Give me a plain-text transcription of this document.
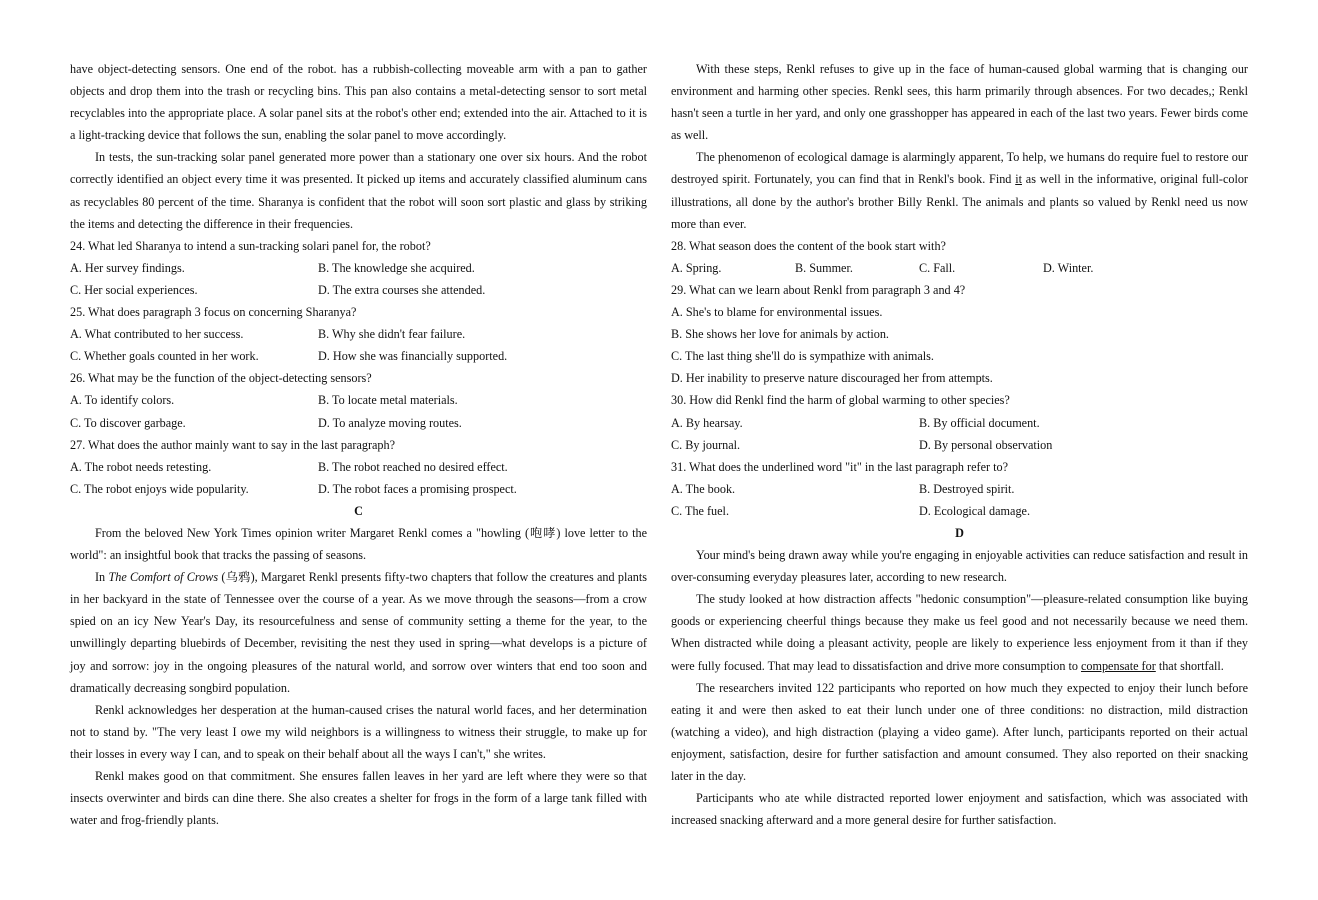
have object-detecting sensors. One end of the robot. has a rubbish-collecting moveable arm with a pan to gather objects and drop them into the trash or recycling bins. This pan also contains a metal-detecting sensor to sort metal recyclables into the appropriate place. A solar panel sits at the robot's other end; extended into the air. Attached to it is a light-tracking device that follows the sun, enabling the solar panel to move accordingly.

In tests, the sun-tracking solar panel generated more power than a stationary one over six hours. And the robot correctly identified an object every time it was presented. It picked up items and accurately classified aluminum cans as recyclables 80 percent of the time. Sharanya is confident that the robot will soon sort plastic and glass by striking the items and detecting the difference in their frequencies.

24. What led Sharanya to intend a sun-tracking solari panel for, the robot?

A. Her survey findings.	B. The knowledge she acquired.
C. Her social experiences.	D. The extra courses she attended.

25. What does paragraph 3 focus on concerning Sharanya?

A. What contributed to her success.	B. Why she didn't fear failure.
C. Whether goals counted in her work.	D. How she was financially supported.

26. What may be the function of the object-detecting sensors?

A. To identify colors.	B. To locate metal materials.
C. To discover garbage.	D. To analyze moving routes.

27. What does the author mainly want to say in the last paragraph?

A. The robot needs retesting.	B. The robot reached no desired effect.
C. The robot enjoys wide popularity.	D. The robot faces a promising prospect.

C

From the beloved New York Times opinion writer Margaret Renkl comes a "howling (咆哮) love letter to the world": an insightful book that tracks the passing of seasons.

In The Comfort of Crows (乌鸦), Margaret Renkl presents fifty-two chapters that follow the creatures and plants in her backyard in the state of Tennessee over the course of a year. As we move through the seasons—from a crow spied on an icy New Year's Day, its resourcefulness and sense of community setting a theme for the year, to the unwillingly departing bluebirds of December, revisiting the nest they used in spring—what develops is a picture of joy and sorrow: joy in the ongoing pleasures of the natural world, and sorrow over winters that end too soon and dramatically decreasing songbird population.

Renkl acknowledges her desperation at the human-caused crises the natural world faces, and her determination not to stand by. "The very least I owe my wild neighbors is a willingness to witness their struggle, to make up for their losses in every way I can, and to speak on their behalf about all the ways I can't," she writes.

Renkl makes good on that commitment. She ensures fallen leaves in her yard are left where they were so that insects overwinter and birds can dine there. She also creates a shelter for frogs in the form of a large tank filled with water and frog-friendly plants.

With these steps, Renkl refuses to give up in the face of human-caused global warming that is changing our environment and harming other species. Renkl sees, this harm primarily through absences. For two decades,; Renkl hasn't seen a turtle in her yard, and only one grasshopper has appeared in each of the last two years. Fewer birds come as well.

The phenomenon of ecological damage is alarmingly apparent, To help, we humans do require fuel to restore our destroyed spirit. Fortunately, you can find that in Renkl's book. Find it as well in the informative, original full-color illustrations, all done by the author's brother Billy Renkl. The animals and plants so valued by Renkl need us now more than ever.

28. What season does the content of the book start with?

A. Spring.	B. Summer.	C. Fall.	D. Winter.

29. What can we learn about Renkl from paragraph 3 and 4?

A. She's to blame for environmental issues.

B. She shows her love for animals by action.

C. The last thing she'll do is sympathize with animals.

D. Her inability to preserve nature discouraged her from attempts.

30. How did Renkl find the harm of global warming to other species?

A. By hearsay.	B. By official document.
C. By journal.	D. By personal observation

31. What does the underlined word "it" in the last paragraph refer to?

A. The book.	B. Destroyed spirit.
C. The fuel.	D. Ecological damage.

D

Your mind's being drawn away while you're engaging in enjoyable activities can reduce satisfaction and result in over-consuming everyday pleasures later, according to new research.

The study looked at how distraction affects "hedonic consumption"—pleasure-related consumption like buying goods or experiencing cheerful things because they make us feel good and not necessarily because we need them. When distracted while doing a pleasant activity, people are likely to experience less enjoyment from it than if they were fully focused. That may lead to dissatisfaction and drive more consumption to compensate for that shortfall.

The researchers invited 122 participants who reported on how much they expected to enjoy their lunch before eating it and were then asked to eat their lunch under one of three conditions: no distraction, mild distraction (watching a video), and high distraction (playing a video game). After lunch, participants reported on their actual enjoyment, satisfaction, desire for further satisfaction and amount consumed. They also reported on their snacking later in the day.

Participants who ate while distracted reported lower enjoyment and satisfaction, which was associated with increased snacking afterward and a more general desire for further satisfaction.
